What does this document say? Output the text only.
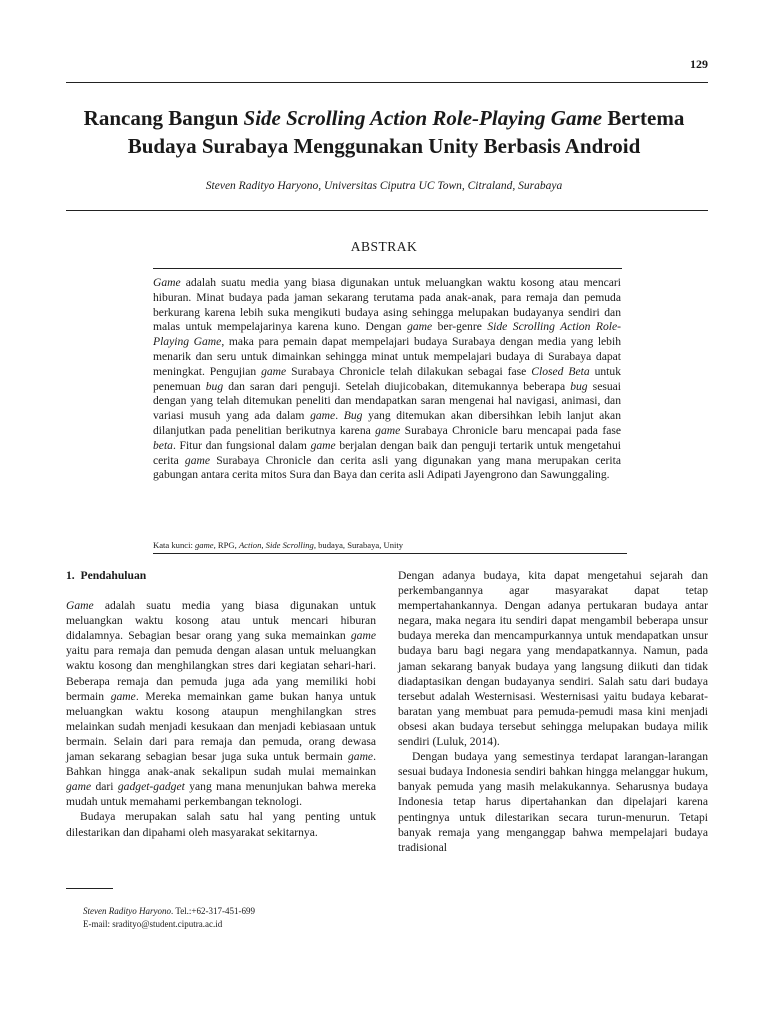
129
Rancang Bangun Side Scrolling Action Role-Playing Game Bertema
Budaya Surabaya Menggunakan Unity Berbasis Android
Steven Radityo Haryono, Universitas Ciputra UC Town, Citraland, Surabaya
ABSTRAK

Game adalah suatu media yang biasa digunakan untuk meluangkan waktu kosong atau mencari hiburan. Minat budaya pada jaman sekarang terutama pada anak-anak, para remaja dan pemuda berkurang karena lebih suka mengikuti budaya asing sehingga melupakan budayanya sendiri dan malas untuk mempelajarinya karena kuno. Dengan game ber-genre Side Scrolling Action Role-Playing Game, maka para pemain dapat mempelajari budaya Surabaya dengan media yang lebih menarik dan seru untuk dimainkan sehingga minat untuk mempelajari budaya di Surabaya dapat meningkat. Pengujian game Surabaya Chronicle telah dilakukan sebagai fase Closed Beta untuk penemuan bug dan saran dari penguji. Setelah diujicobakan, ditemukannya beberapa bug sesuai dengan yang telah ditemukan peneliti dan mendapatkan saran mengenai hal navigasi, animasi, dan variasi musuh yang ada dalam game. Bug yang ditemukan akan dibersihkan lebih lanjut akan dilanjutkan pada penelitian berikutnya karena game Surabaya Chronicle baru mencapai pada fase beta. Fitur dan fungsional dalam game berjalan dengan baik dan penguji tertarik untuk mengetahui cerita game Surabaya Chronicle dan cerita asli yang digunakan yang mana merupakan cerita gabungan antara cerita mitos Sura dan Baya dan cerita asli Adipati Jayengrono dan Sawunggaling.

Kata kunci: game, RPG, Action, Side Scrolling, budaya, Surabaya, Unity
1.  Pendahuluan

Game adalah suatu media yang biasa digunakan untuk meluangkan waktu kosong atau untuk mencari hiburan didalamnya. Sebagian besar orang yang suka memainkan game yaitu para remaja dan pemuda dengan alasan untuk meluangkan waktu kosong dan menghilangkan stres dari kegiatan sehari-hari. Beberapa remaja dan pemuda juga ada yang memiliki hobi bermain game. Mereka memainkan game bukan hanya untuk meluangkan waktu kosong ataupun menghilangkan stres melainkan sudah menjadi kesukaan dan menjadi kebiasaan untuk bermain. Selain dari para remaja dan pemuda, orang dewasa jaman sekarang sebagian besar juga suka untuk bermain game. Bahkan hingga anak-anak sekalipun sudah mulai memainkan game dari gadget-gadget yang mana menunjukan bahwa mereka mudah untuk memahami perkembangan teknologi.

Budaya merupakan salah satu hal yang penting untuk dilestarikan dan dipahami oleh masyarakat sekitarnya.

Dengan adanya budaya, kita dapat mengetahui sejarah dan perkembangannya agar masyarakat dapat tetap mempertahankannya. Dengan adanya pertukaran budaya antar negara, maka negara itu sendiri dapat mengambil beberapa unsur budaya mereka dan mencampurkannya untuk mendapatkan unsur budaya baru bagi negara yang mendapatkannya. Namun, pada jaman sekarang banyak budaya yang langsung diikuti dan tidak diadaptasikan dengan budayanya sendiri. Salah satu dari budaya tersebut adalah Westernisasi. Westernisasi yaitu budaya kebarat-baratan yang membuat para pemuda-pemudi masa kini menjadi obsesi akan budaya tersebut sehingga melupakan budaya milik sendiri (Luluk, 2014).

Dengan budaya yang semestinya terdapat larangan-larangan sesuai budaya Indonesia sendiri bahkan hingga melanggar hukum, banyak pemuda yang masih melakukannya. Seharusnya budaya Indonesia tetap harus dipertahankan dan dipelajari karena pentingnya untuk dilestarikan secara turun-menurun. Tetapi banyak remaja yang menganggap bahwa mempelajari budaya tradisional

Steven Radityo Haryono. Tel.:+62-317-451-699
E-mail: sradityo@student.ciputra.ac.id
